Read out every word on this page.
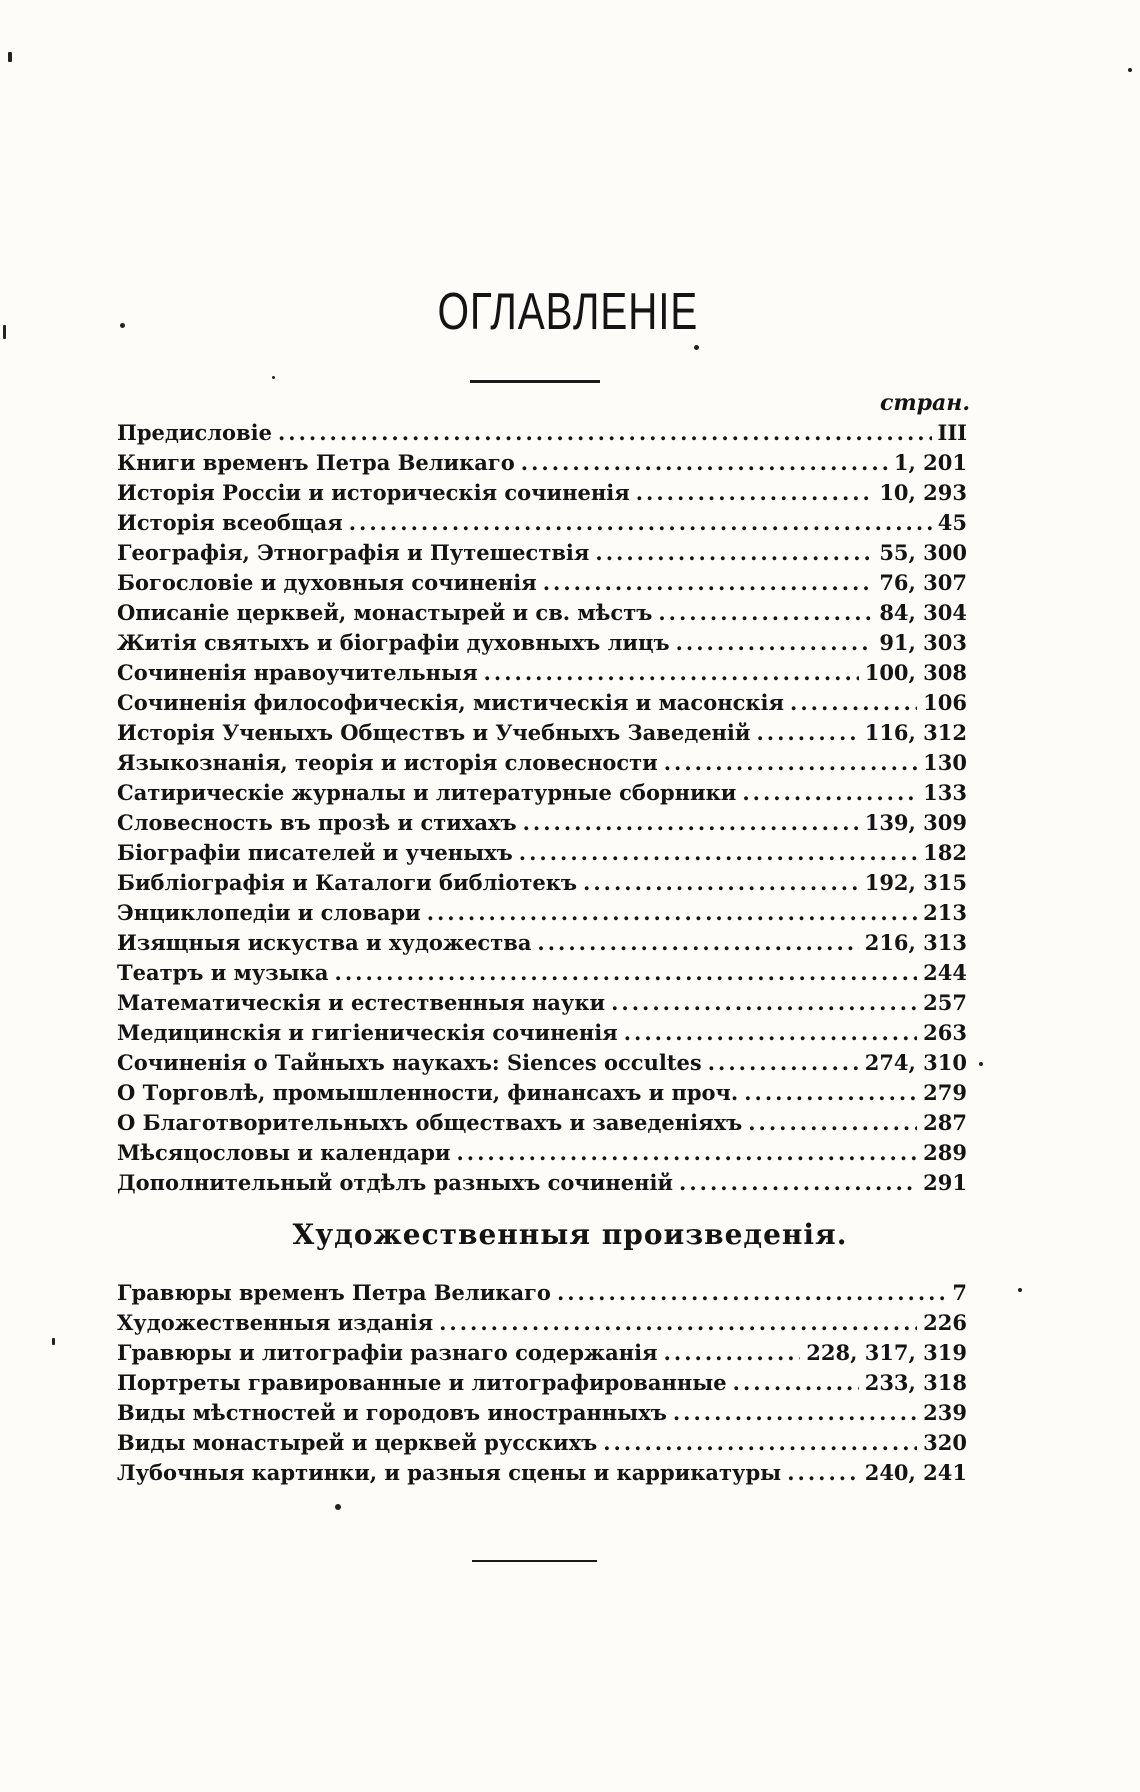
ОГЛАВЛЕНІЕ
стран.
Предисловіе .....	III
Книги временъ Петра Великаго .....	1, 201
Исторія Россіи и историческія сочиненія .....	10, 293
Исторія всеобщая .....	45
Географія, Этнографія и Путешествія .....	55, 300
Богословіе и духовныя сочиненія .....	76, 307
Описаніе церквей, монастырей и св. мѣстъ .....	84, 304
Житія святыхъ и біографіи духовныхъ лицъ .....	91, 303
Сочиненія нравоучительныя .....	100, 308
Сочиненія философическія, мистическія и масонскія .....	106
Исторія Ученыхъ Обществъ и Учебныхъ Заведеній .....	116, 312
Языкознанія, теорія и исторія словесности .....	130
Сатирическіе журналы и литературные сборники .....	133
Словесность въ прозѣ и стихахъ .....	139, 309
Біографіи писателей и ученыхъ .....	182
Библіографія и Каталоги библіотекъ .....	192, 315
Энциклопедіи и словари .....	213
Изящныя искуства и художества .....	216, 313
Театръ и музыка .....	244
Математическія и естественныя науки .....	257
Медицинскія и гигіеническія сочиненія .....	263
Сочиненія о Тайныхъ наукахъ: Siences occultes .....	274, 310
О Торговлѣ, промышленности, финансахъ и проч. .....	279
О Благотворительныхъ обществахъ и заведеніяхъ .....	287
Мѣсяцословы и календари .....	289
Дополнительный отдѣлъ разныхъ сочиненій .....	291
Художественныя произведенія.
Гравюры временъ Петра Великаго .....	7
Художественныя изданія .....	226
Гравюры и литографіи разнаго содержанія .....	228, 317, 319
Портреты гравированные и литографированные .....	233, 318
Виды мѣстностей и городовъ иностранныхъ .....	239
Виды монастырей и церквей русскихъ .....	320
Лубочныя картинки, и разныя сцены и каррикатуры .....	240, 241
